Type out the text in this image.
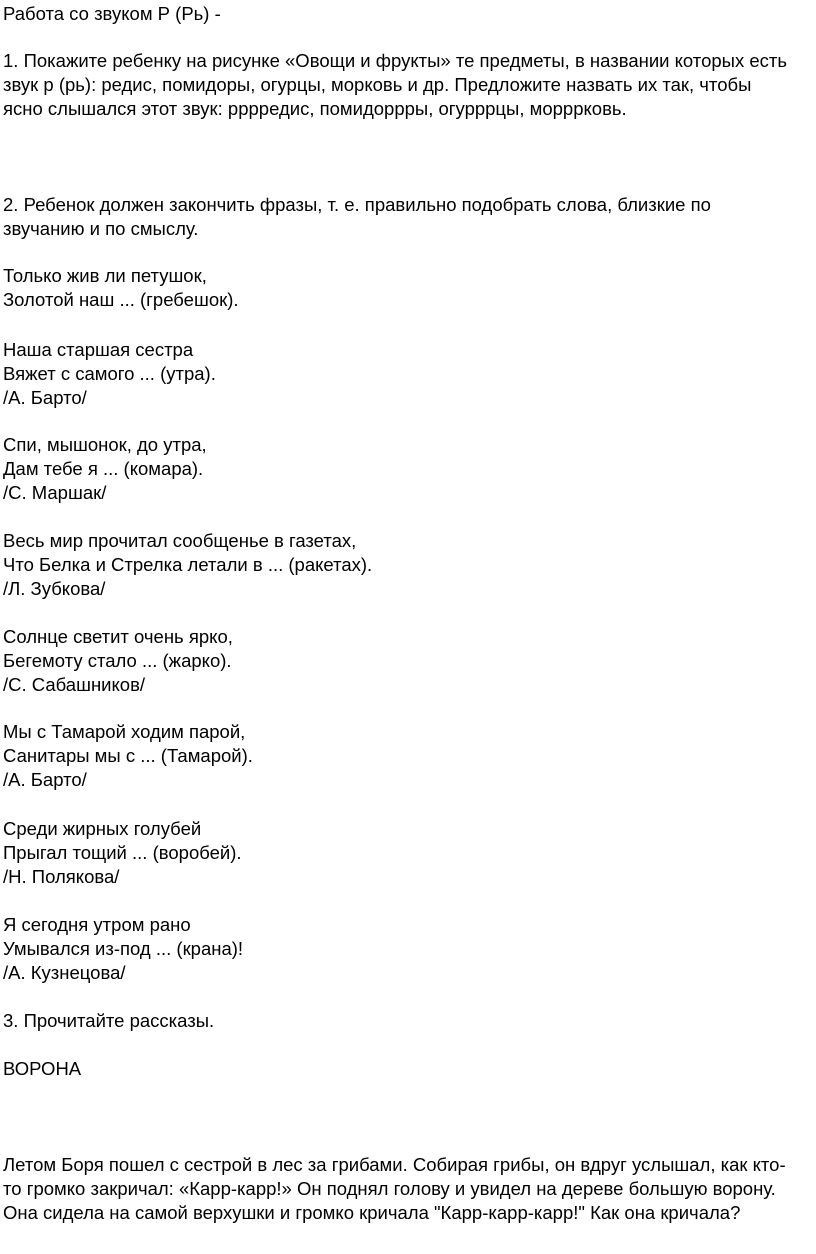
Работа со звуком Р (Рь) -
1. Покажите ребенку на рисунке «Овощи и фрукты» те предметы, в названии которых есть
звук р (рь): редис, помидоры, огурцы, морковь и др. Предложите назвать их так, чтобы
ясно слышался этот звук: рррредис, помидоррры, огурррцы, морррковь.
2. Ребенок должен закончить фразы, т. е. правильно подобрать слова, близкие по
звучанию и по смыслу.
Только жив ли петушок,
Золотой наш ... (гребешок).
Наша старшая сестра
Вяжет с самого ... (утра).
/А. Барто/
Спи, мышонок, до утра,
Дам тебе я ... (комара).
/С. Маршак/
Весь мир прочитал сообщенье в газетах,
Что Белка и Стрелка летали в ... (ракетах).
/Л. Зубкова/
Солнце светит очень ярко,
Бегемоту стало ... (жарко).
/С. Сабашников/
Мы с Тамарой ходим парой,
Санитары мы с ... (Тамарой).
/А. Барто/
Среди жирных голубей
Прыгал тощий ... (воробей).
/Н. Полякова/
Я сегодня утром рано
Умывался из-под ... (крана)!
/А. Кузнецова/
3. Прочитайте рассказы.
ВОРОНА
Летом Боря пошел с сестрой в лес за грибами. Собирая грибы, он вдруг услышал, как кто-
то громко закричал: «Карр-карр!» Он поднял голову и увидел на дереве большую ворону.
Она сидела на самой верхушки и громко кричала "Карр-карр-карр!" Как она кричала?
